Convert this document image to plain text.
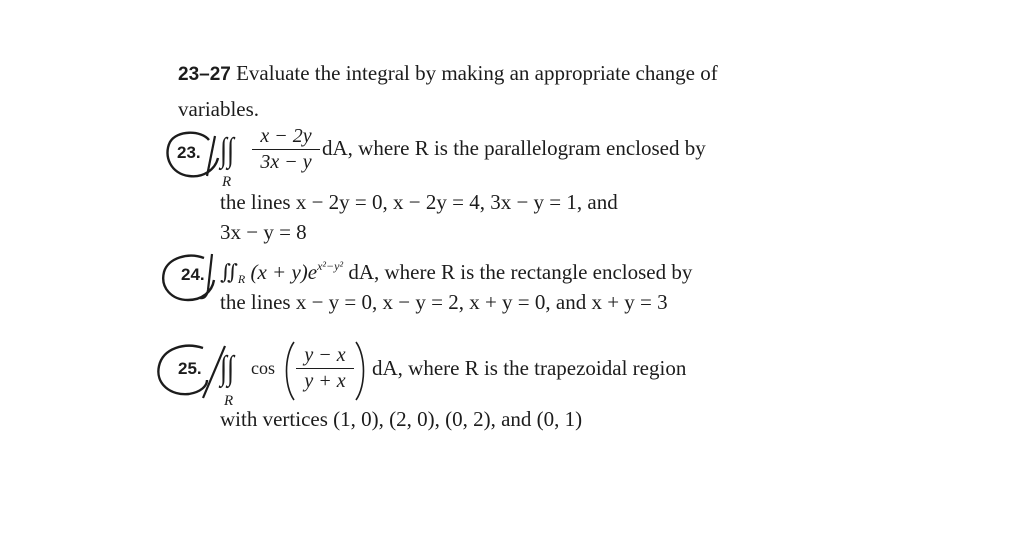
23–27 Evaluate the integral by making an appropriate change of
variables.
23. ∫∫
R
x − 2y
3x − y
dA, where R is the parallelogram enclosed by
the lines x − 2y = 0, x − 2y = 4, 3x − y = 1, and
3x − y = 8
24. $∬_R$ $(x + y)e^{x^2-y^2}$ dA, where R is the rectangle enclosed by
the lines x − y = 0, x − y = 2, x + y = 0, and x + y = 3
25. ∫∫
R
cos
y − x
y + x
dA, where R is the trapezoidal region
with vertices (1, 0), (2, 0), (0, 2), and (0, 1)
